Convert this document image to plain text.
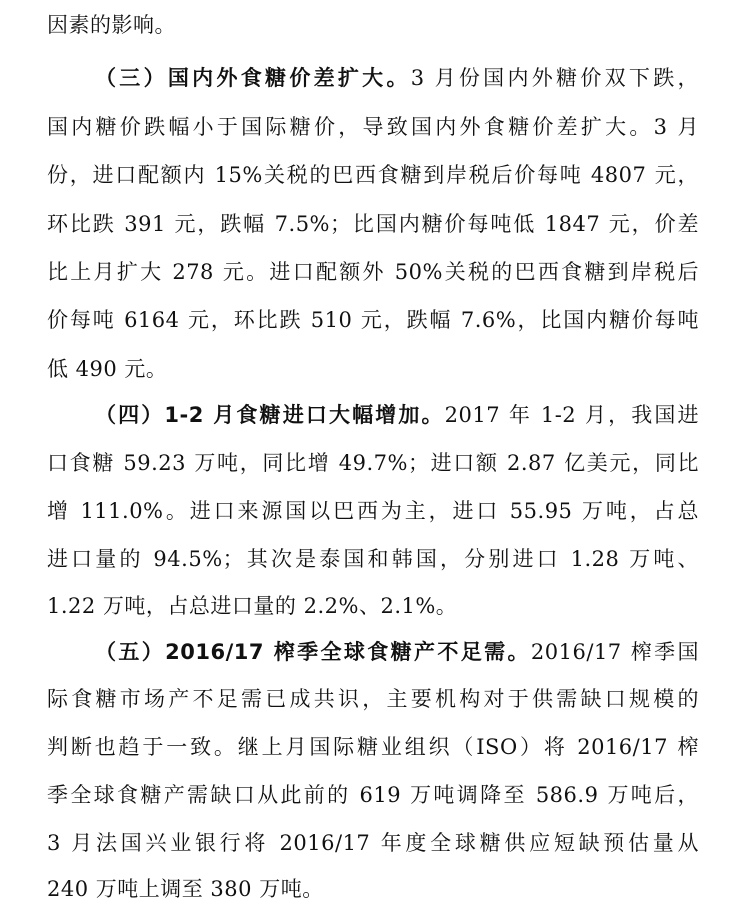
因素的影响。
（三）国内外食糖价差扩大。3 月份国内外糖价双下跌，
国内糖价跌幅小于国际糖价，导致国内外食糖价差扩大。3 月
份，进口配额内 15%关税的巴西食糖到岸税后价每吨 4807 元，
环比跌 391 元，跌幅 7.5%；比国内糖价每吨低 1847 元，价差
比上月扩大 278 元。进口配额外 50%关税的巴西食糖到岸税后
价每吨 6164 元，环比跌 510 元，跌幅 7.6%，比国内糖价每吨
低 490 元。
（四）1-2 月食糖进口大幅增加。2017 年 1-2 月，我国进
口食糖 59.23 万吨，同比增 49.7%；进口额 2.87 亿美元，同比
增 111.0%。进口来源国以巴西为主，进口 55.95 万吨，占总
进口量的 94.5%；其次是泰国和韩国，分别进口 1.28 万吨、
1.22 万吨，占总进口量的 2.2%、2.1%。
（五）2016/17 榨季全球食糖产不足需。2016/17 榨季国
际食糖市场产不足需已成共识，主要机构对于供需缺口规模的
判断也趋于一致。继上月国际糖业组织（ISO）将 2016/17 榨
季全球食糖产需缺口从此前的 619 万吨调降至 586.9 万吨后，
3 月法国兴业银行将 2016/17 年度全球糖供应短缺预估量从
240 万吨上调至 380 万吨。
